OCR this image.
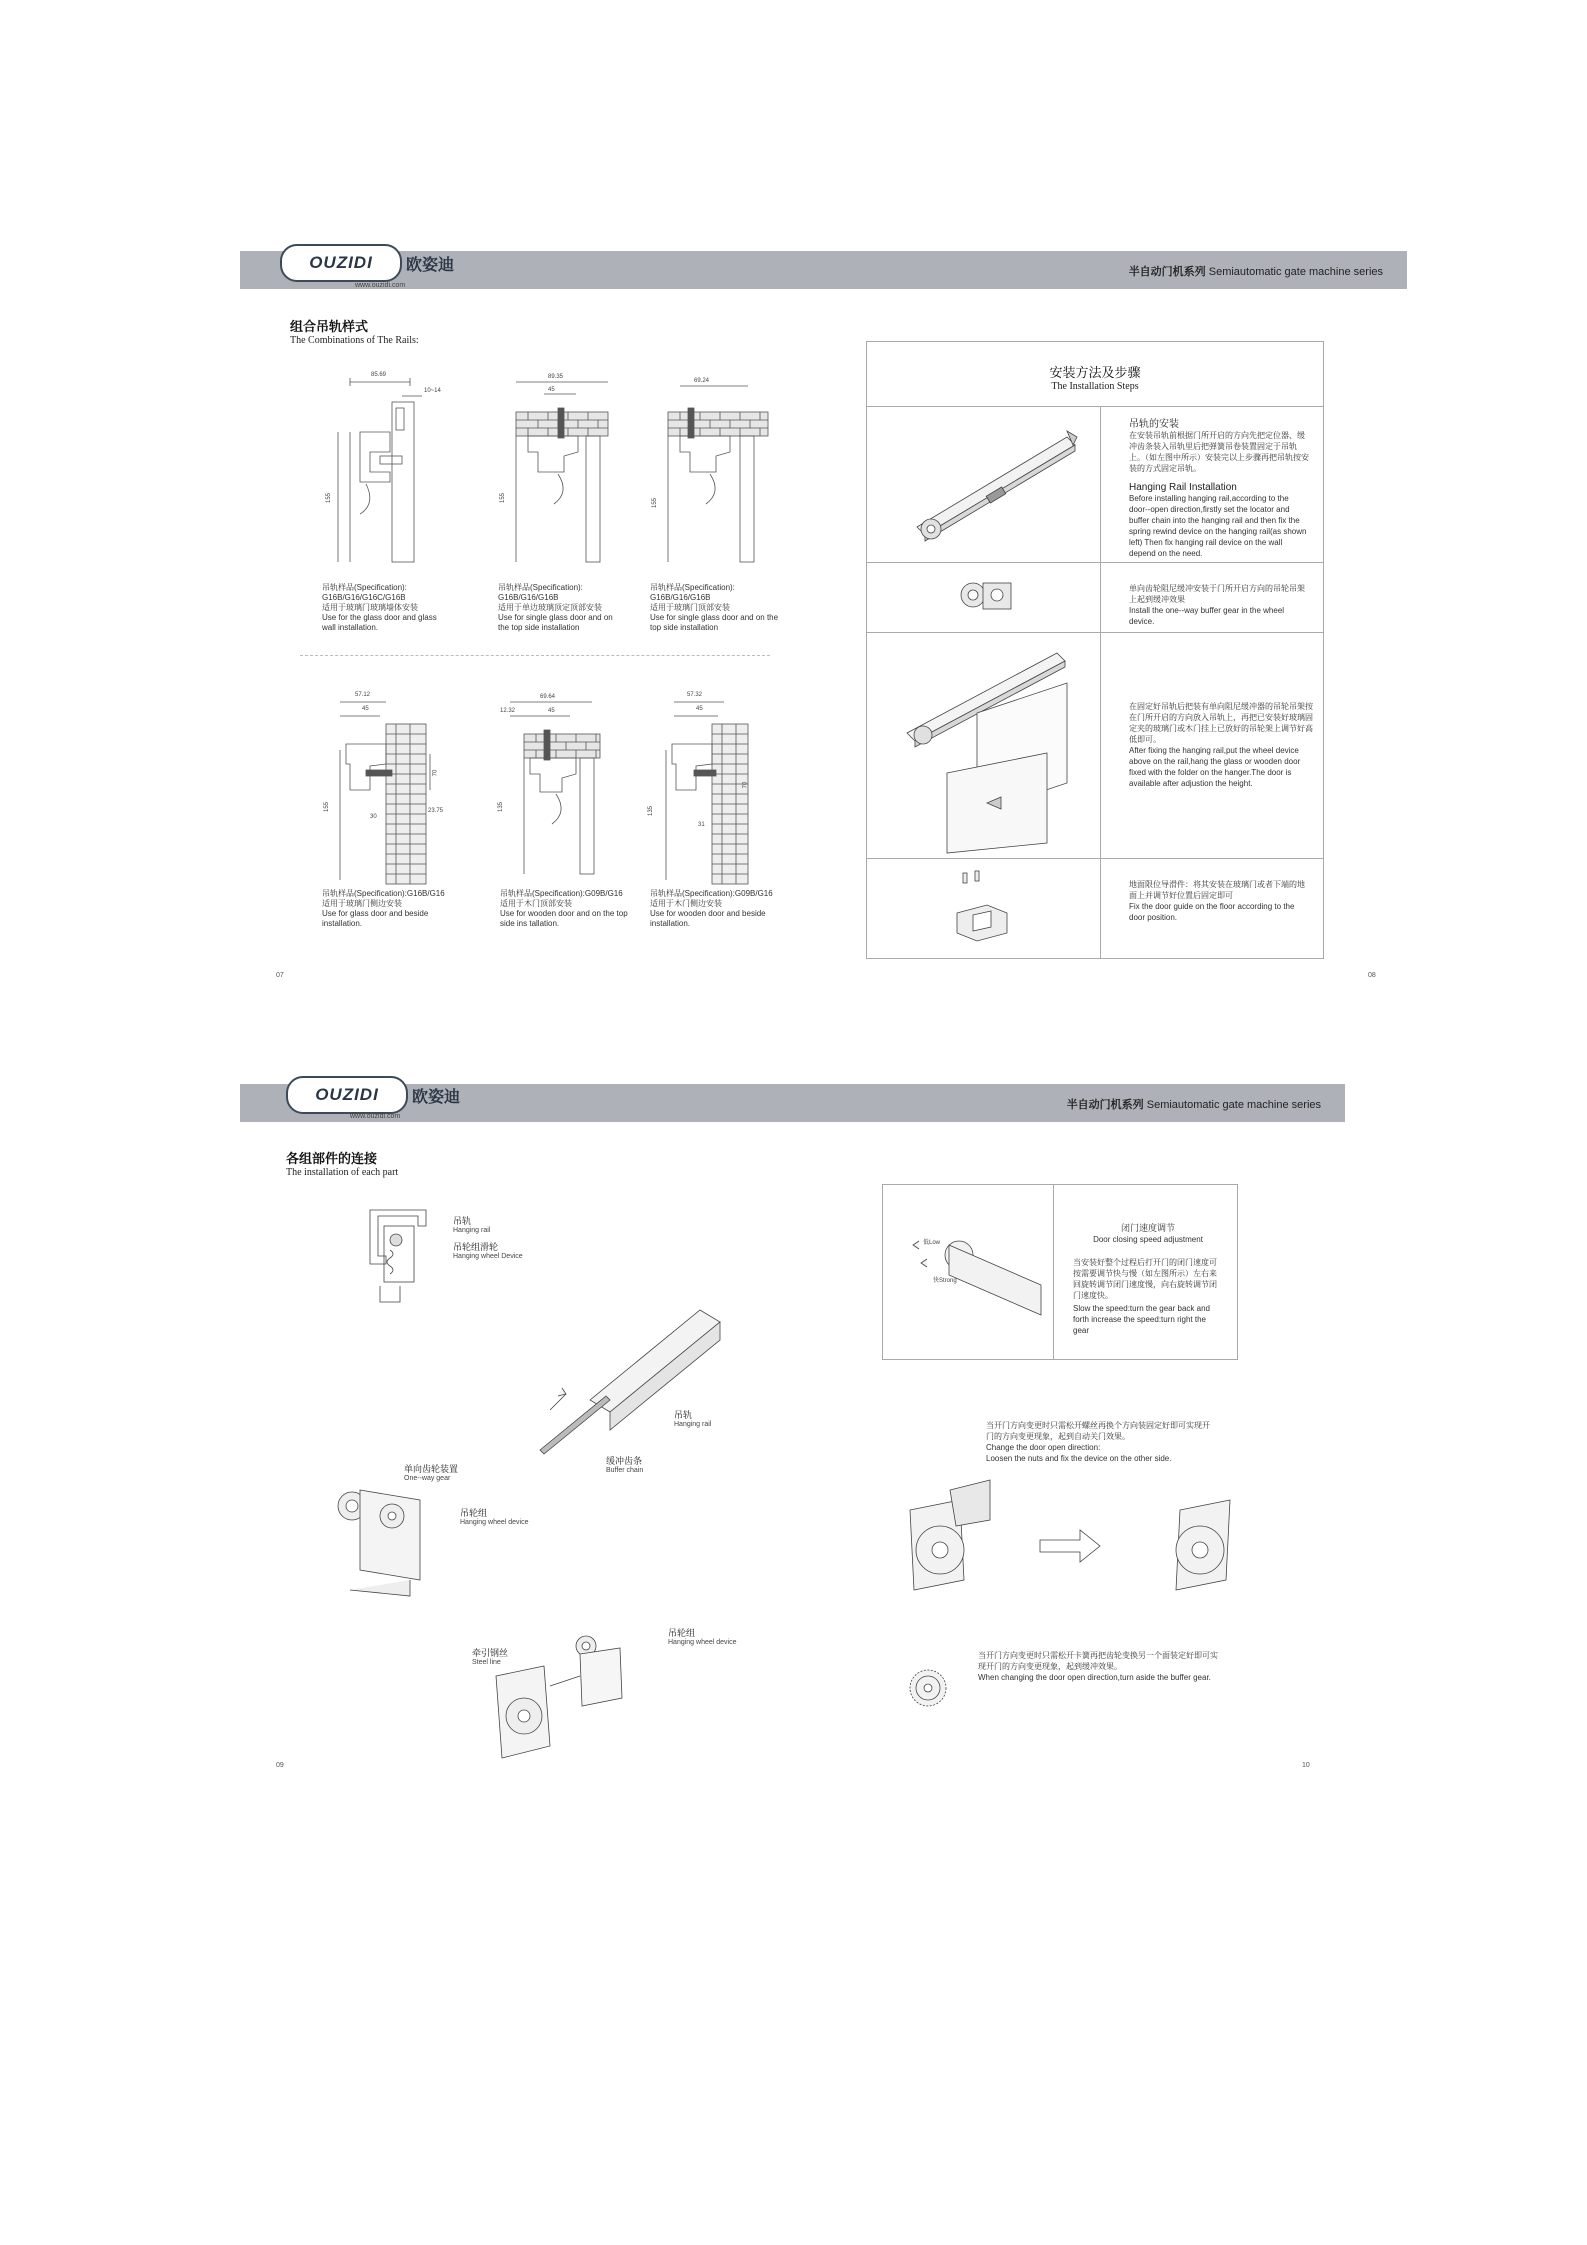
半自动门机系列 Semiautomatic gate machine series
OUZIDI	欧姿迪
www.ouzidi.com
组合吊轨样式
The Combinations of The Rails:
85.69
10~14
155
吊轨样品(Specification):
G16B/G16/G16C/G16B
适用于玻璃门玻璃墙体安装
Use for the glass door and glass wall installation.
89.35
45
155
吊轨样品(Specification):
G16B/G16/G16B
适用于单边玻璃顶定顶部安装
Use for single glass door and on the top side installation
69.24
155
吊轨样品(Specification):
G16B/G16/G16B
适用于玻璃门顶部安装
Use for single glass door and on the top side installation
57.12
45
70
23.75
30
155
吊轨样品(Specification):G16B/G16
适用于玻璃门侧边安装
Use for glass door and beside installation.
69.64
12.32	45
135
吊轨样品(Specification):G09B/G16
适用于木门顶部安装
Use for wooden door and on the top side ins tallation.
57.32
45
70
31
135
吊轨样品(Specification):G09B/G16
适用于木门侧边安装
Use for wooden door and beside installation.
07
安装方法及步骤
The Installation Steps
吊轨的安装
在安装吊轨前根据门所开启的方向先把定位器、缓冲齿条装入吊轨里后把弹簧吊卷装置固定于吊轨上。（如左图中所示）安装完以上步骤再把吊轨按安装的方式固定吊轨。
Hanging Rail Installation
Before installing hanging rail,according to the door--open direction,firstly set the locator and buffer chain into the hanging rail and then fix the spring rewind device on the hanging rail(as shown left) Then fix hanging rail device on the wall depend on the need.
单向齿轮阻尼缓冲安装于门所开启方向的吊轮吊架上起到缓冲效果
Install the one--way buffer gear in the wheel device.
在固定好吊轨后把装有单向阻尼缓冲器的吊轮吊架按在门所开启的方向放入吊轨上，再把已安装好玻璃固定夹的玻璃门或木门挂上已放好的吊轮架上调节好高低即可。
After fixing the hanging rail,put the wheel device above on the rail,hang the glass or wooden door fixed with the folder on the hanger.The door is available after adjustion the height.
地面限位导滑件：将其安装在玻璃门或者下端的地面上并调节好位置后固定即可
Fix the door guide on the floor according to the door position.
08
半自动门机系列 Semiautomatic gate machine series
OUZIDI	欧姿迪
www.ouzidi.com
各组部件的连接
The installation of each part
吊轨
Hanging rail
吊轮组滑轮
Hanging wheel Device
吊轨
Hanging rail
缓冲齿条
Buffer chain
单向齿轮装置
One--way gear
吊轮组
Hanging wheel device
吊轮组
Hanging wheel device
牵引钢丝
Steel line
09
低Low
快Strong
闭门速度调节
Door closing speed adjustment
当安装好整个过程后打开门的闭门速度可按需要调节快与慢（如左图所示）左右来回旋转调节闭门速度慢，向右旋转调节闭门速度快。
Slow the speed:turn the gear back and forth increase the speed:turn right the gear
当开门方向变更时只需松开螺丝再换个方向装固定好即可实现开门的方向变更现象，起到自动关门效果。
Change the door open direction:
Loosen the nuts and fix the device on the other side.
当开门方向变更时只需松开卡簧再把齿轮变换另一个面装定好即可实现开门的方向变更现象，起到缓冲效果。
When changing the door open direction,turn aside the buffer gear.
10
